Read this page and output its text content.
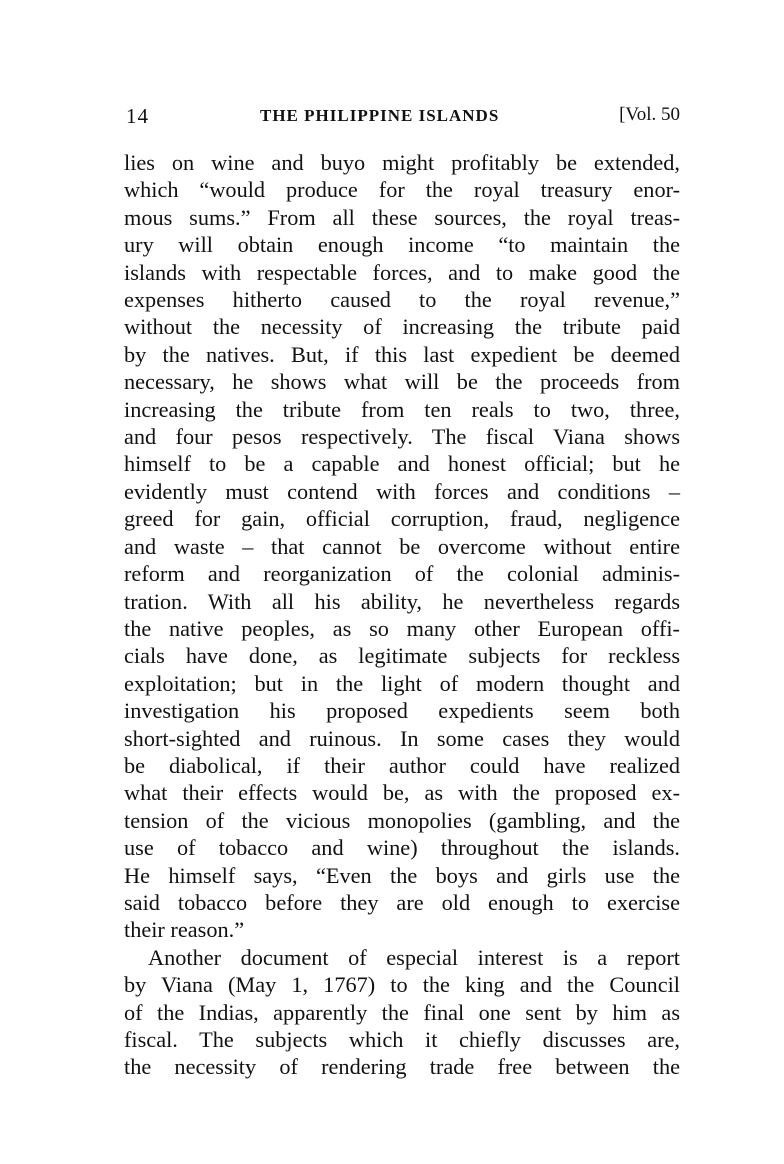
14	THE PHILIPPINE ISLANDS	[Vol. 50
lies on wine and buyo might profitably be extended,
which “would produce for the royal treasury enor-
mous sums.” From all these sources, the royal treas-
ury will obtain enough income “to maintain the
islands with respectable forces, and to make good the
expenses hitherto caused to the royal revenue,”
without the necessity of increasing the tribute paid
by the natives. But, if this last expedient be deemed
necessary, he shows what will be the proceeds from
increasing the tribute from ten reals to two, three,
and four pesos respectively. The fiscal Viana shows
himself to be a capable and honest official; but he
evidently must contend with forces and conditions –
greed for gain, official corruption, fraud, negligence
and waste – that cannot be overcome without entire
reform and reorganization of the colonial adminis-
tration. With all his ability, he nevertheless regards
the native peoples, as so many other European offi-
cials have done, as legitimate subjects for reckless
exploitation; but in the light of modern thought and
investigation his proposed expedients seem both
short-sighted and ruinous. In some cases they would
be diabolical, if their author could have realized
what their effects would be, as with the proposed ex-
tension of the vicious monopolies (gambling, and the
use of tobacco and wine) throughout the islands.
He himself says, “Even the boys and girls use the
said tobacco before they are old enough to exercise
their reason.”
Another document of especial interest is a report
by Viana (May 1, 1767) to the king and the Council
of the Indias, apparently the final one sent by him as
fiscal. The subjects which it chiefly discusses are,
the necessity of rendering trade free between the
